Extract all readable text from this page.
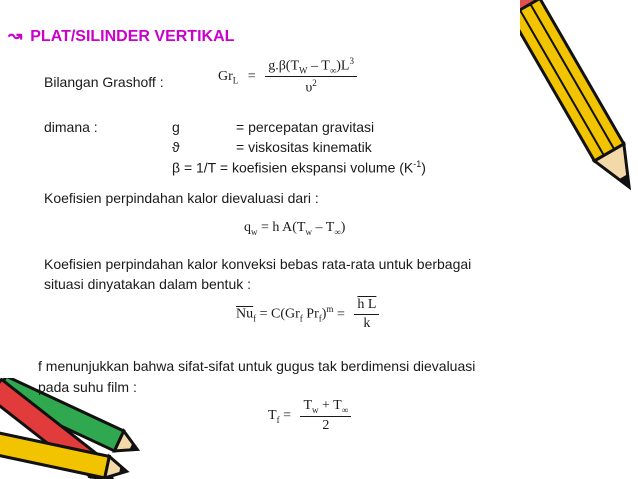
↝ PLAT/SILINDER VERTIKAL
Bilangan Grashoff :	$Gr_L = \frac{g.\beta(T_W - T_\infty)L^3}{\upsilon^2}$
dimana :	g	= percepatan gravitasi
ϑ	= viskositas kinematik
β = 1/T = koefisien ekspansi volume $(K^{-1})$
Koefisien perpindahan kalor dievaluasi dari :
$q_w = h$ $A(T_w - T_\infty)$
Koefisien perpindahan kalor konveksi bebas rata-rata untuk berbagai
situasi dinyatakan dalam bentuk :
$\overline{Nu}_f = C(Gr_f$ $Pr_f)^m = \frac{\text{h L}}{k}$
f menunjukkan bahwa sifat-sifat untuk gugus tak berdimensi dievaluasi
pada suhu film :
$T_f = \frac{T_w + T_\infty}{2}$
